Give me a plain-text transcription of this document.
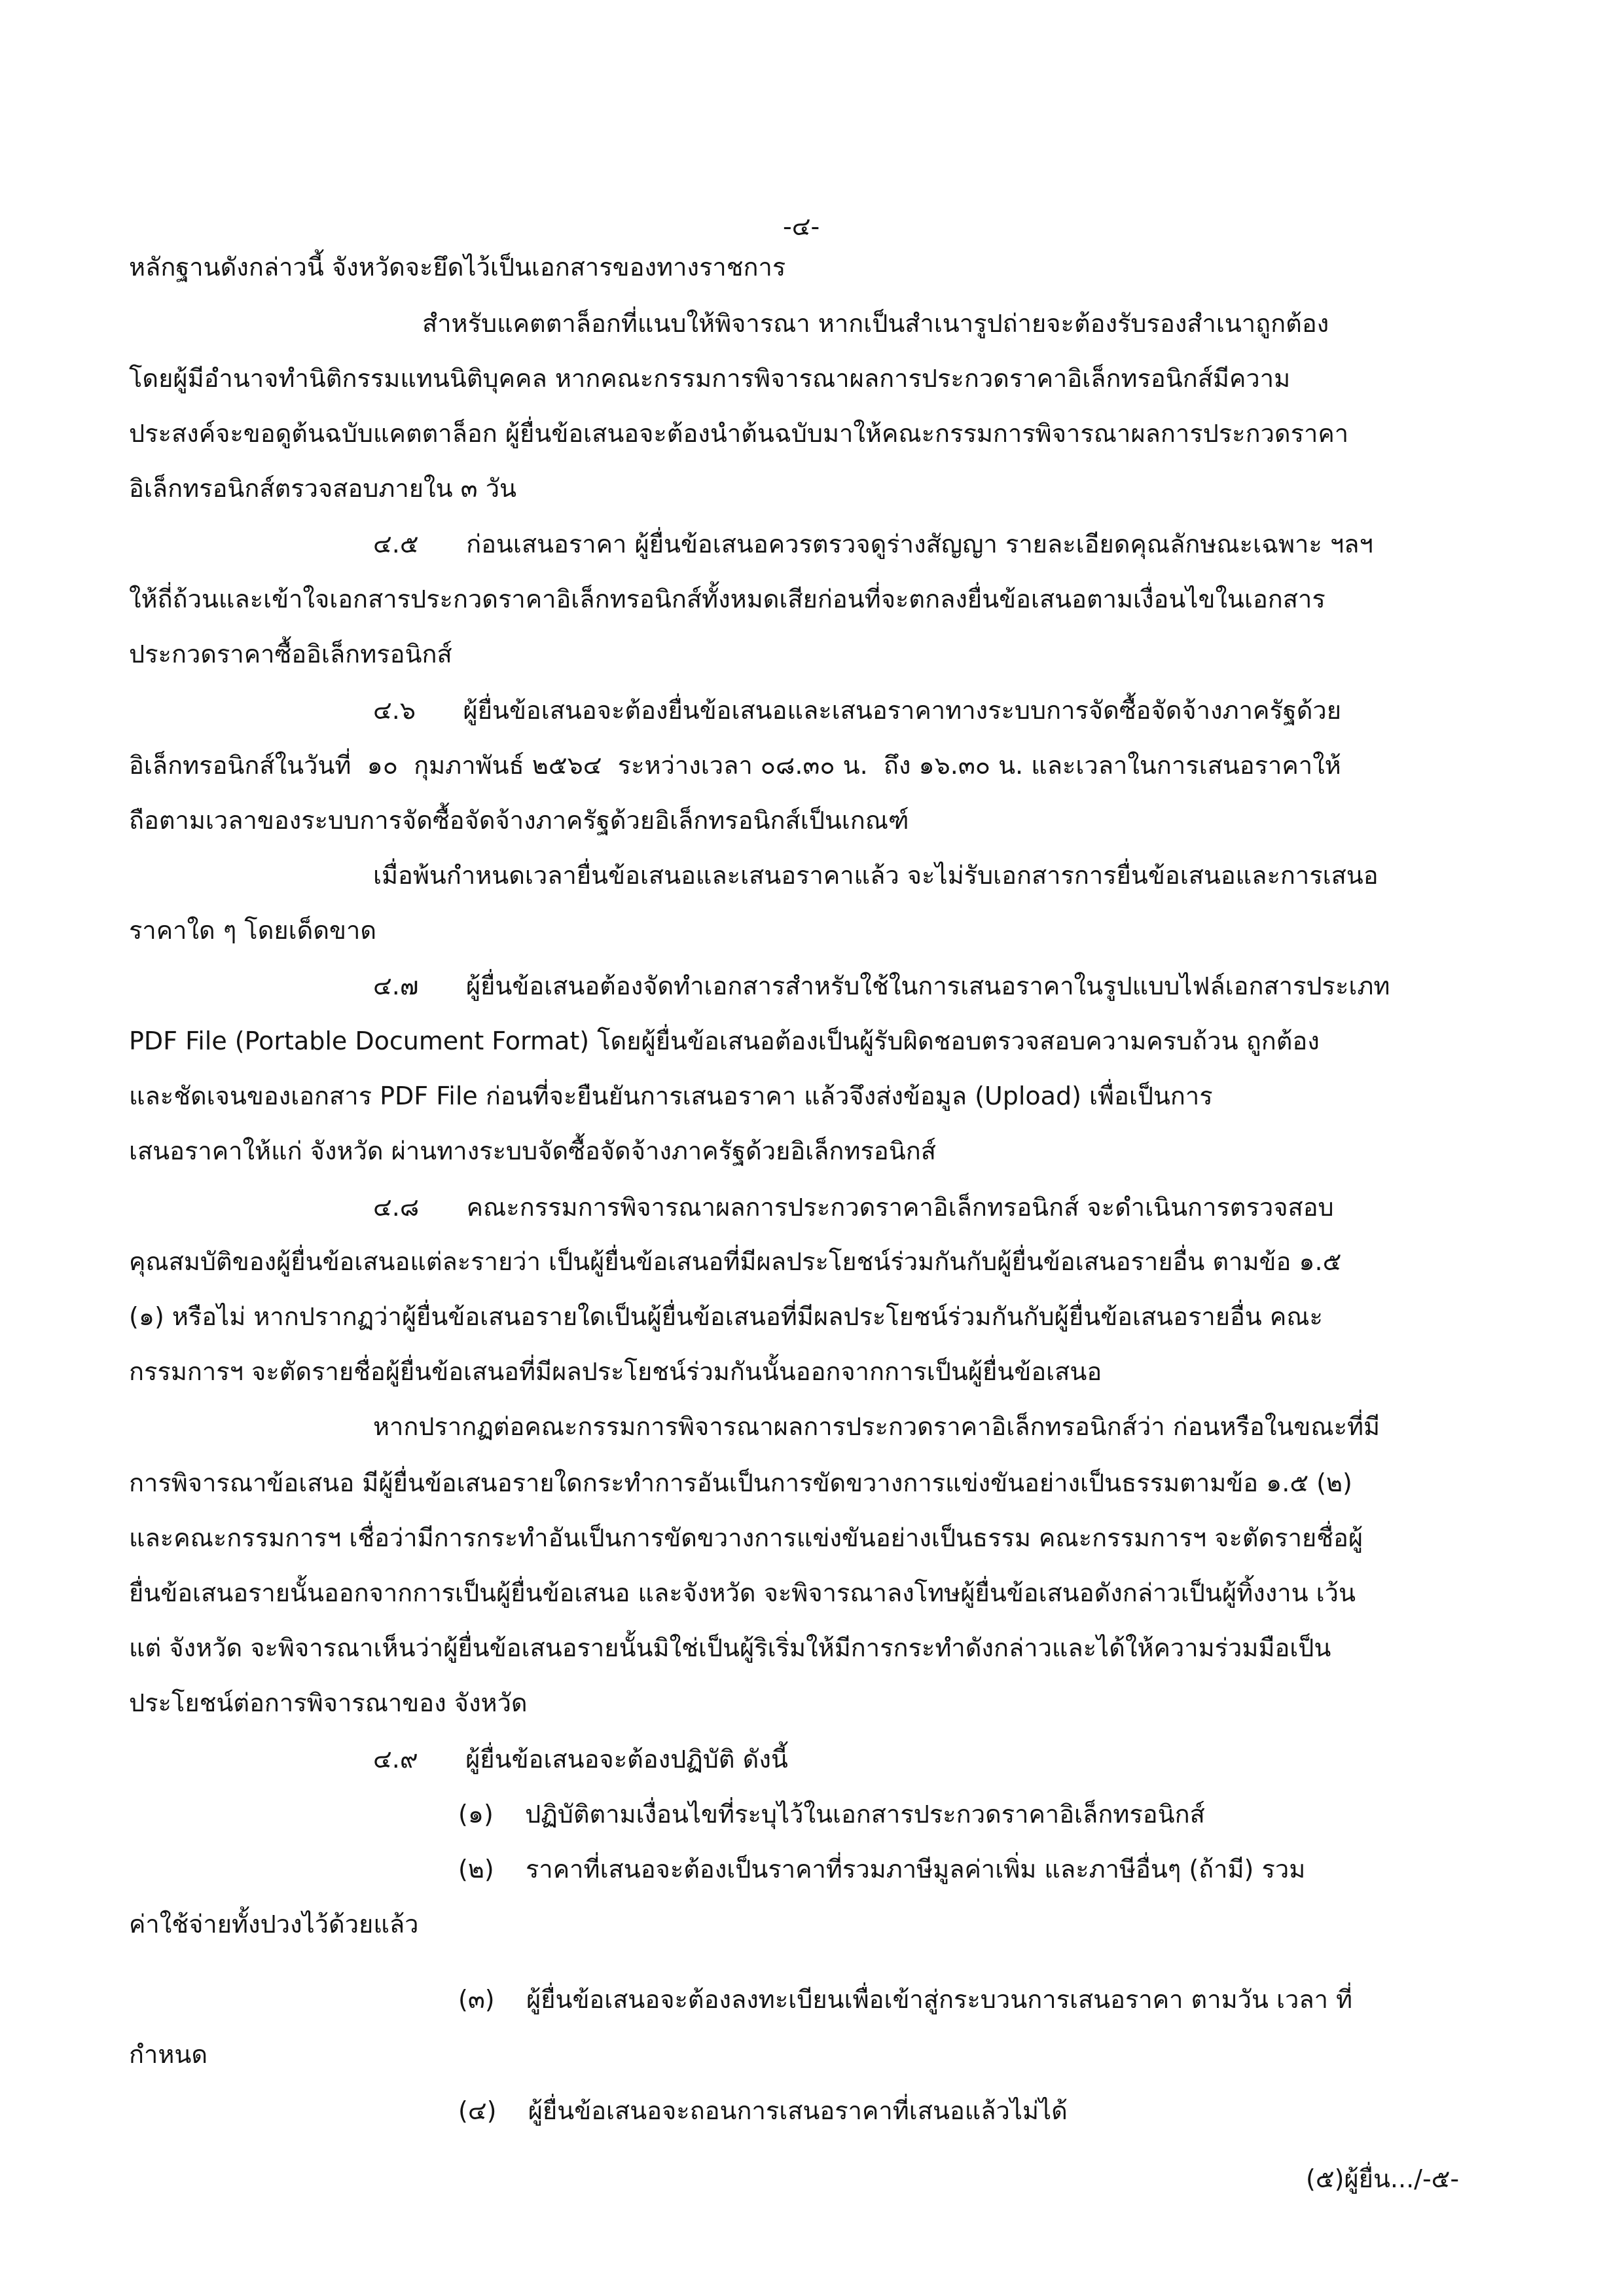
-๔-
หลักฐานดังกล่าวนี้ จังหวัดจะยึดไว้เป็นเอกสารของทางราชการ
สำหรับแคตตาล็อกที่แนบให้พิจารณา หากเป็นสำเนารูปถ่ายจะต้องรับรองสำเนาถูกต้อง
โดยผู้มีอำนาจทำนิติกรรมแทนนิติบุคคล หากคณะกรรมการพิจารณาผลการประกวดราคาอิเล็กทรอนิกส์มีความ
ประสงค์จะขอดูต้นฉบับแคตตาล็อก ผู้ยื่นข้อเสนอจะต้องนำต้นฉบับมาให้คณะกรรมการพิจารณาผลการประกวดราคา
อิเล็กทรอนิกส์ตรวจสอบภายใน ๓ วัน
๔.๕      ก่อนเสนอราคา ผู้ยื่นข้อเสนอควรตรวจดูร่างสัญญา รายละเอียดคุณลักษณะเฉพาะ ฯลฯ
ให้ถี่ถ้วนและเข้าใจเอกสารประกวดราคาอิเล็กทรอนิกส์ทั้งหมดเสียก่อนที่จะตกลงยื่นข้อเสนอตามเงื่อนไขในเอกสาร
ประกวดราคาซื้ออิเล็กทรอนิกส์
๔.๖      ผู้ยื่นข้อเสนอจะต้องยื่นข้อเสนอและเสนอราคาทางระบบการจัดซื้อจัดจ้างภาครัฐด้วย
อิเล็กทรอนิกส์ในวันที่  ๑๐  กุมภาพันธ์ ๒๕๖๔  ระหว่างเวลา ๐๘.๓๐ น.  ถึง ๑๖.๓๐ น. และเวลาในการเสนอราคาให้
ถือตามเวลาของระบบการจัดซื้อจัดจ้างภาครัฐด้วยอิเล็กทรอนิกส์เป็นเกณฑ์
เมื่อพ้นกำหนดเวลายื่นข้อเสนอและเสนอราคาแล้ว จะไม่รับเอกสารการยื่นข้อเสนอและการเสนอ
ราคาใด ๆ โดยเด็ดขาด
๔.๗      ผู้ยื่นข้อเสนอต้องจัดทำเอกสารสำหรับใช้ในการเสนอราคาในรูปแบบไฟล์เอกสารประเภท
PDF File (Portable Document Format) โดยผู้ยื่นข้อเสนอต้องเป็นผู้รับผิดชอบตรวจสอบความครบถ้วน ถูกต้อง
และชัดเจนของเอกสาร PDF File ก่อนที่จะยืนยันการเสนอราคา แล้วจึงส่งข้อมูล (Upload) เพื่อเป็นการ
เสนอราคาให้แก่ จังหวัด ผ่านทางระบบจัดซื้อจัดจ้างภาครัฐด้วยอิเล็กทรอนิกส์
๔.๘      คณะกรรมการพิจารณาผลการประกวดราคาอิเล็กทรอนิกส์ จะดำเนินการตรวจสอบ
คุณสมบัติของผู้ยื่นข้อเสนอแต่ละรายว่า เป็นผู้ยื่นข้อเสนอที่มีผลประโยชน์ร่วมกันกับผู้ยื่นข้อเสนอรายอื่น ตามข้อ ๑.๕
(๑) หรือไม่ หากปรากฏว่าผู้ยื่นข้อเสนอรายใดเป็นผู้ยื่นข้อเสนอที่มีผลประโยชน์ร่วมกันกับผู้ยื่นข้อเสนอรายอื่น คณะ
กรรมการฯ จะตัดรายชื่อผู้ยื่นข้อเสนอที่มีผลประโยชน์ร่วมกันนั้นออกจากการเป็นผู้ยื่นข้อเสนอ
หากปรากฏต่อคณะกรรมการพิจารณาผลการประกวดราคาอิเล็กทรอนิกส์ว่า ก่อนหรือในขณะที่มี
การพิจารณาข้อเสนอ มีผู้ยื่นข้อเสนอรายใดกระทำการอันเป็นการขัดขวางการแข่งขันอย่างเป็นธรรมตามข้อ ๑.๕ (๒)
และคณะกรรมการฯ เชื่อว่ามีการกระทำอันเป็นการขัดขวางการแข่งขันอย่างเป็นธรรม คณะกรรมการฯ จะตัดรายชื่อผู้
ยื่นข้อเสนอรายนั้นออกจากการเป็นผู้ยื่นข้อเสนอ และจังหวัด จะพิจารณาลงโทษผู้ยื่นข้อเสนอดังกล่าวเป็นผู้ทิ้งงาน เว้น
แต่ จังหวัด จะพิจารณาเห็นว่าผู้ยื่นข้อเสนอรายนั้นมิใช่เป็นผู้ริเริ่มให้มีการกระทำดังกล่าวและได้ให้ความร่วมมือเป็น
ประโยชน์ต่อการพิจารณาของ จังหวัด
๔.๙      ผู้ยื่นข้อเสนอจะต้องปฏิบัติ ดังนี้
(๑)    ปฏิบัติตามเงื่อนไขที่ระบุไว้ในเอกสารประกวดราคาอิเล็กทรอนิกส์
(๒)    ราคาที่เสนอจะต้องเป็นราคาที่รวมภาษีมูลค่าเพิ่ม และภาษีอื่นๆ (ถ้ามี) รวม
ค่าใช้จ่ายทั้งปวงไว้ด้วยแล้ว
(๓)    ผู้ยื่นข้อเสนอจะต้องลงทะเบียนเพื่อเข้าสู่กระบวนการเสนอราคา ตามวัน เวลา ที่
กำหนด
(๔)    ผู้ยื่นข้อเสนอจะถอนการเสนอราคาที่เสนอแล้วไม่ได้
(๕)ผู้ยื่น.../-๕-
